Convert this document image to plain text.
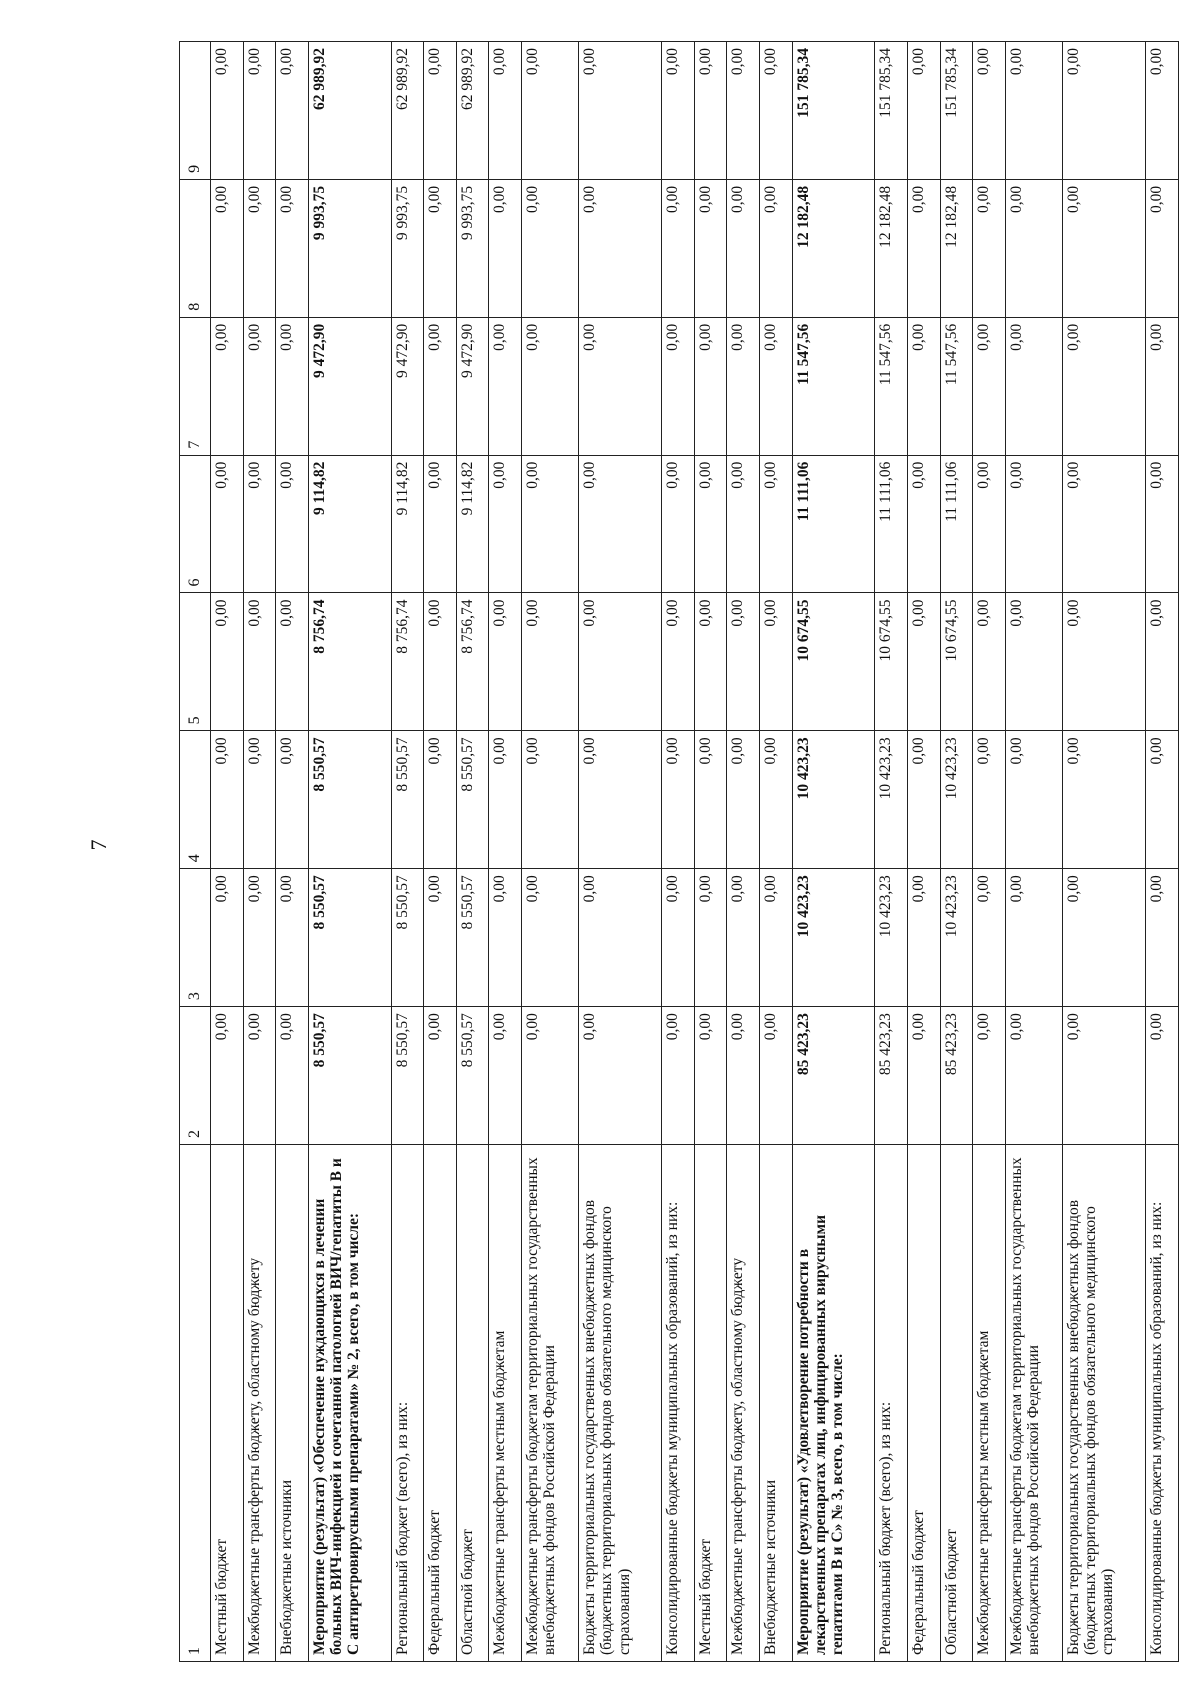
7
1	2	3	4	5	6	7	8	9
Местный бюджет	0,00	0,00	0,00	0,00	0,00	0,00	0,00	0,00
Межбюджетные трансферты бюджету, областному бюджету	0,00	0,00	0,00	0,00	0,00	0,00	0,00	0,00
Внебюджетные источники	0,00	0,00	0,00	0,00	0,00	0,00	0,00	0,00
Мероприятие (результат) «Обеспечение нуждающихся в лечении больных ВИЧ-инфекцией и сочетанной патологией ВИЧ/гепатиты В и С антиретровирусными препаратами» № 2, всего, в том числе:	8 550,57	8 550,57	8 550,57	8 756,74	9 114,82	9 472,90	9 993,75	62 989,92
Региональный бюджет (всего), из них:	8 550,57	8 550,57	8 550,57	8 756,74	9 114,82	9 472,90	9 993,75	62 989,92
Федеральный бюджет	0,00	0,00	0,00	0,00	0,00	0,00	0,00	0,00
Областной бюджет	8 550,57	8 550,57	8 550,57	8 756,74	9 114,82	9 472,90	9 993,75	62 989,92
Межбюджетные трансферты местным бюджетам	0,00	0,00	0,00	0,00	0,00	0,00	0,00	0,00
Межбюджетные трансферты бюджетам территориальных государственных внебюджетных фондов Российской Федерации	0,00	0,00	0,00	0,00	0,00	0,00	0,00	0,00
Бюджеты территориальных государственных внебюджетных фондов (бюджетных территориальных фондов обязательного медицинского страхования)	0,00	0,00	0,00	0,00	0,00	0,00	0,00	0,00
Консолидированные бюджеты муниципальных образований, из них:	0,00	0,00	0,00	0,00	0,00	0,00	0,00	0,00
Местный бюджет	0,00	0,00	0,00	0,00	0,00	0,00	0,00	0,00
Межбюджетные трансферты бюджету, областному бюджету	0,00	0,00	0,00	0,00	0,00	0,00	0,00	0,00
Внебюджетные источники	0,00	0,00	0,00	0,00	0,00	0,00	0,00	0,00
Мероприятие (результат) «Удовлетворение потребности в лекарственных препаратах лиц, инфицированных вирусными гепатитами В и С» № 3, всего, в том числе:	85 423,23	10 423,23	10 423,23	10 674,55	11 111,06	11 547,56	12 182,48	151 785,34
Региональный бюджет (всего), из них:	85 423,23	10 423,23	10 423,23	10 674,55	11 111,06	11 547,56	12 182,48	151 785,34
Федеральный бюджет	0,00	0,00	0,00	0,00	0,00	0,00	0,00	0,00
Областной бюджет	85 423,23	10 423,23	10 423,23	10 674,55	11 111,06	11 547,56	12 182,48	151 785,34
Межбюджетные трансферты местным бюджетам	0,00	0,00	0,00	0,00	0,00	0,00	0,00	0,00
Межбюджетные трансферты бюджетам территориальных государственных внебюджетных фондов Российской Федерации	0,00	0,00	0,00	0,00	0,00	0,00	0,00	0,00
Бюджеты территориальных государственных внебюджетных фондов (бюджетных территориальных фондов обязательного медицинского страхования)	0,00	0,00	0,00	0,00	0,00	0,00	0,00	0,00
Консолидированные бюджеты муниципальных образований, из них:	0,00	0,00	0,00	0,00	0,00	0,00	0,00	0,00
